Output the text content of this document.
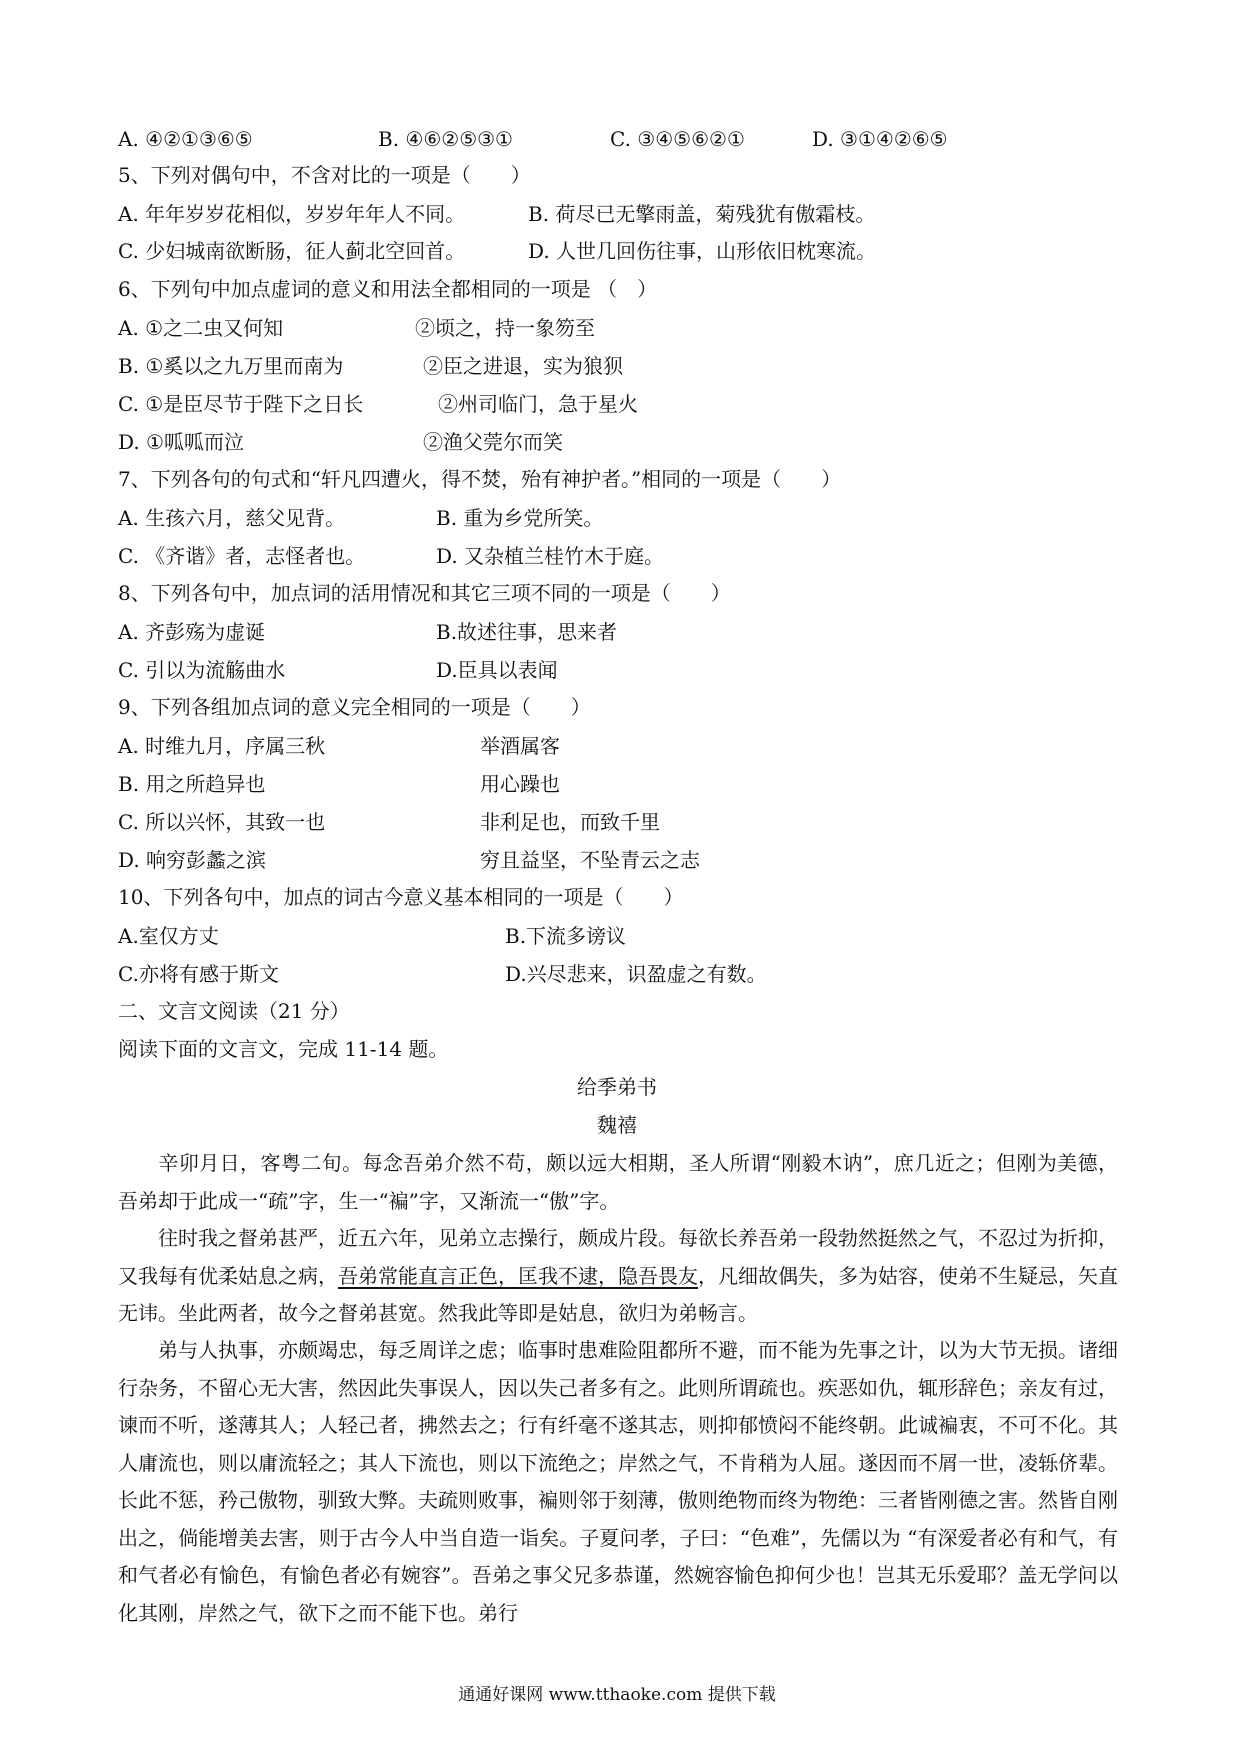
A. ④②①③⑥⑤	B. ④⑥②⑤③①	C. ③④⑤⑥②①	D. ③①④②⑥⑤
5、下列对偶句中，不含对比的一项是（　　）
A. 年年岁岁花相似，岁岁年年人不同。	B. 荷尽已无擎雨盖，菊残犹有傲霜枝。
C. 少妇城南欲断肠，征人蓟北空回首。	D. 人世几回伤往事，山形依旧枕寒流。
6、下列句中加点虚词的意义和用法全都相同的一项是 （　）
A. ①之二虫又何知	②顷之，持一象笏至
B. ①奚以之九万里而南为	②臣之进退，实为狼狈
C. ①是臣尽节于陛下之日长	②州司临门，急于星火
D. ①呱呱而泣	②渔父莞尔而笑
7、下列各句的句式和“轩凡四遭火，得不焚，殆有神护者。”相同的一项是（　　）
A. 生孩六月，慈父见背。	B. 重为乡党所笑。
C. 《齐谐》者，志怪者也。	D. 又杂植兰桂竹木于庭。
8、下列各句中，加点词的活用情况和其它三项不同的一项是（　　）
A. 齐彭殇为虚诞	B.故述往事，思来者
C. 引以为流觞曲水	D.臣具以表闻
9、下列各组加点词的意义完全相同的一项是（　　）
A. 时维九月，序属三秋	举酒属客
B. 用之所趋异也	用心躁也
C. 所以兴怀，其致一也	非利足也，而致千里
D. 响穷彭蠡之滨	穷且益坚，不坠青云之志
10、下列各句中，加点的词古今意义基本相同的一项是（　　）
A.室仅方丈	B.下流多谤议
C.亦将有感于斯文	D.兴尽悲来，识盈虚之有数。
二、文言文阅读（21 分）
阅读下面的文言文，完成 11-14 题。
给季弟书
魏禧
辛卯月日，客粤二旬。每念吾弟介然不苟，颇以远大相期，圣人所谓“刚毅木讷”，庶几近之；但刚为美德，吾弟却于此成一“疏”字，生一“褊”字，又渐流一“傲”字。
往时我之督弟甚严，近五六年，见弟立志操行，颇成片段。每欲长养吾弟一段勃然挺然之气，不忍过为折抑，又我每有优柔姑息之病，吾弟常能直言正色，匡我不逮，隐吾畏友，凡细故偶失，多为姑容，使弟不生疑忌，矢直无讳。坐此两者，故今之督弟甚宽。然我此等即是姑息，欲归为弟畅言。
弟与人执事，亦颇竭忠，每乏周详之虑；临事时患难险阻都所不避，而不能为先事之计，以为大节无损。诸细行杂务，不留心无大害，然因此失事误人，因以失己者多有之。此则所谓疏也。疾恶如仇，辄形辞色；亲友有过，谏而不听，遂薄其人；人轻己者，拂然去之；行有纤毫不遂其志，则抑郁愤闷不能终朝。此诚褊衷，不可不化。其人庸流也，则以庸流轻之；其人下流也，则以下流绝之；岸然之气，不肯稍为人屈。遂因而不屑一世，凌轹侪辈。长此不惩，矜己傲物，驯致大弊。夫疏则败事，褊则邻于刻薄，傲则绝物而终为物绝：三者皆刚德之害。然皆自刚出之，倘能增美去害，则于古今人中当自造一诣矣。子夏问孝，子曰：“色难”，先儒以为 “有深爱者必有和气，有和气者必有愉色，有愉色者必有婉容”。吾弟之事父兄多恭谨，然婉容愉色抑何少也！岂其无乐爱耶？盖无学问以化其刚，岸然之气，欲下之而不能下也。弟行
通通好课网 www.tthaoke.com 提供下载
